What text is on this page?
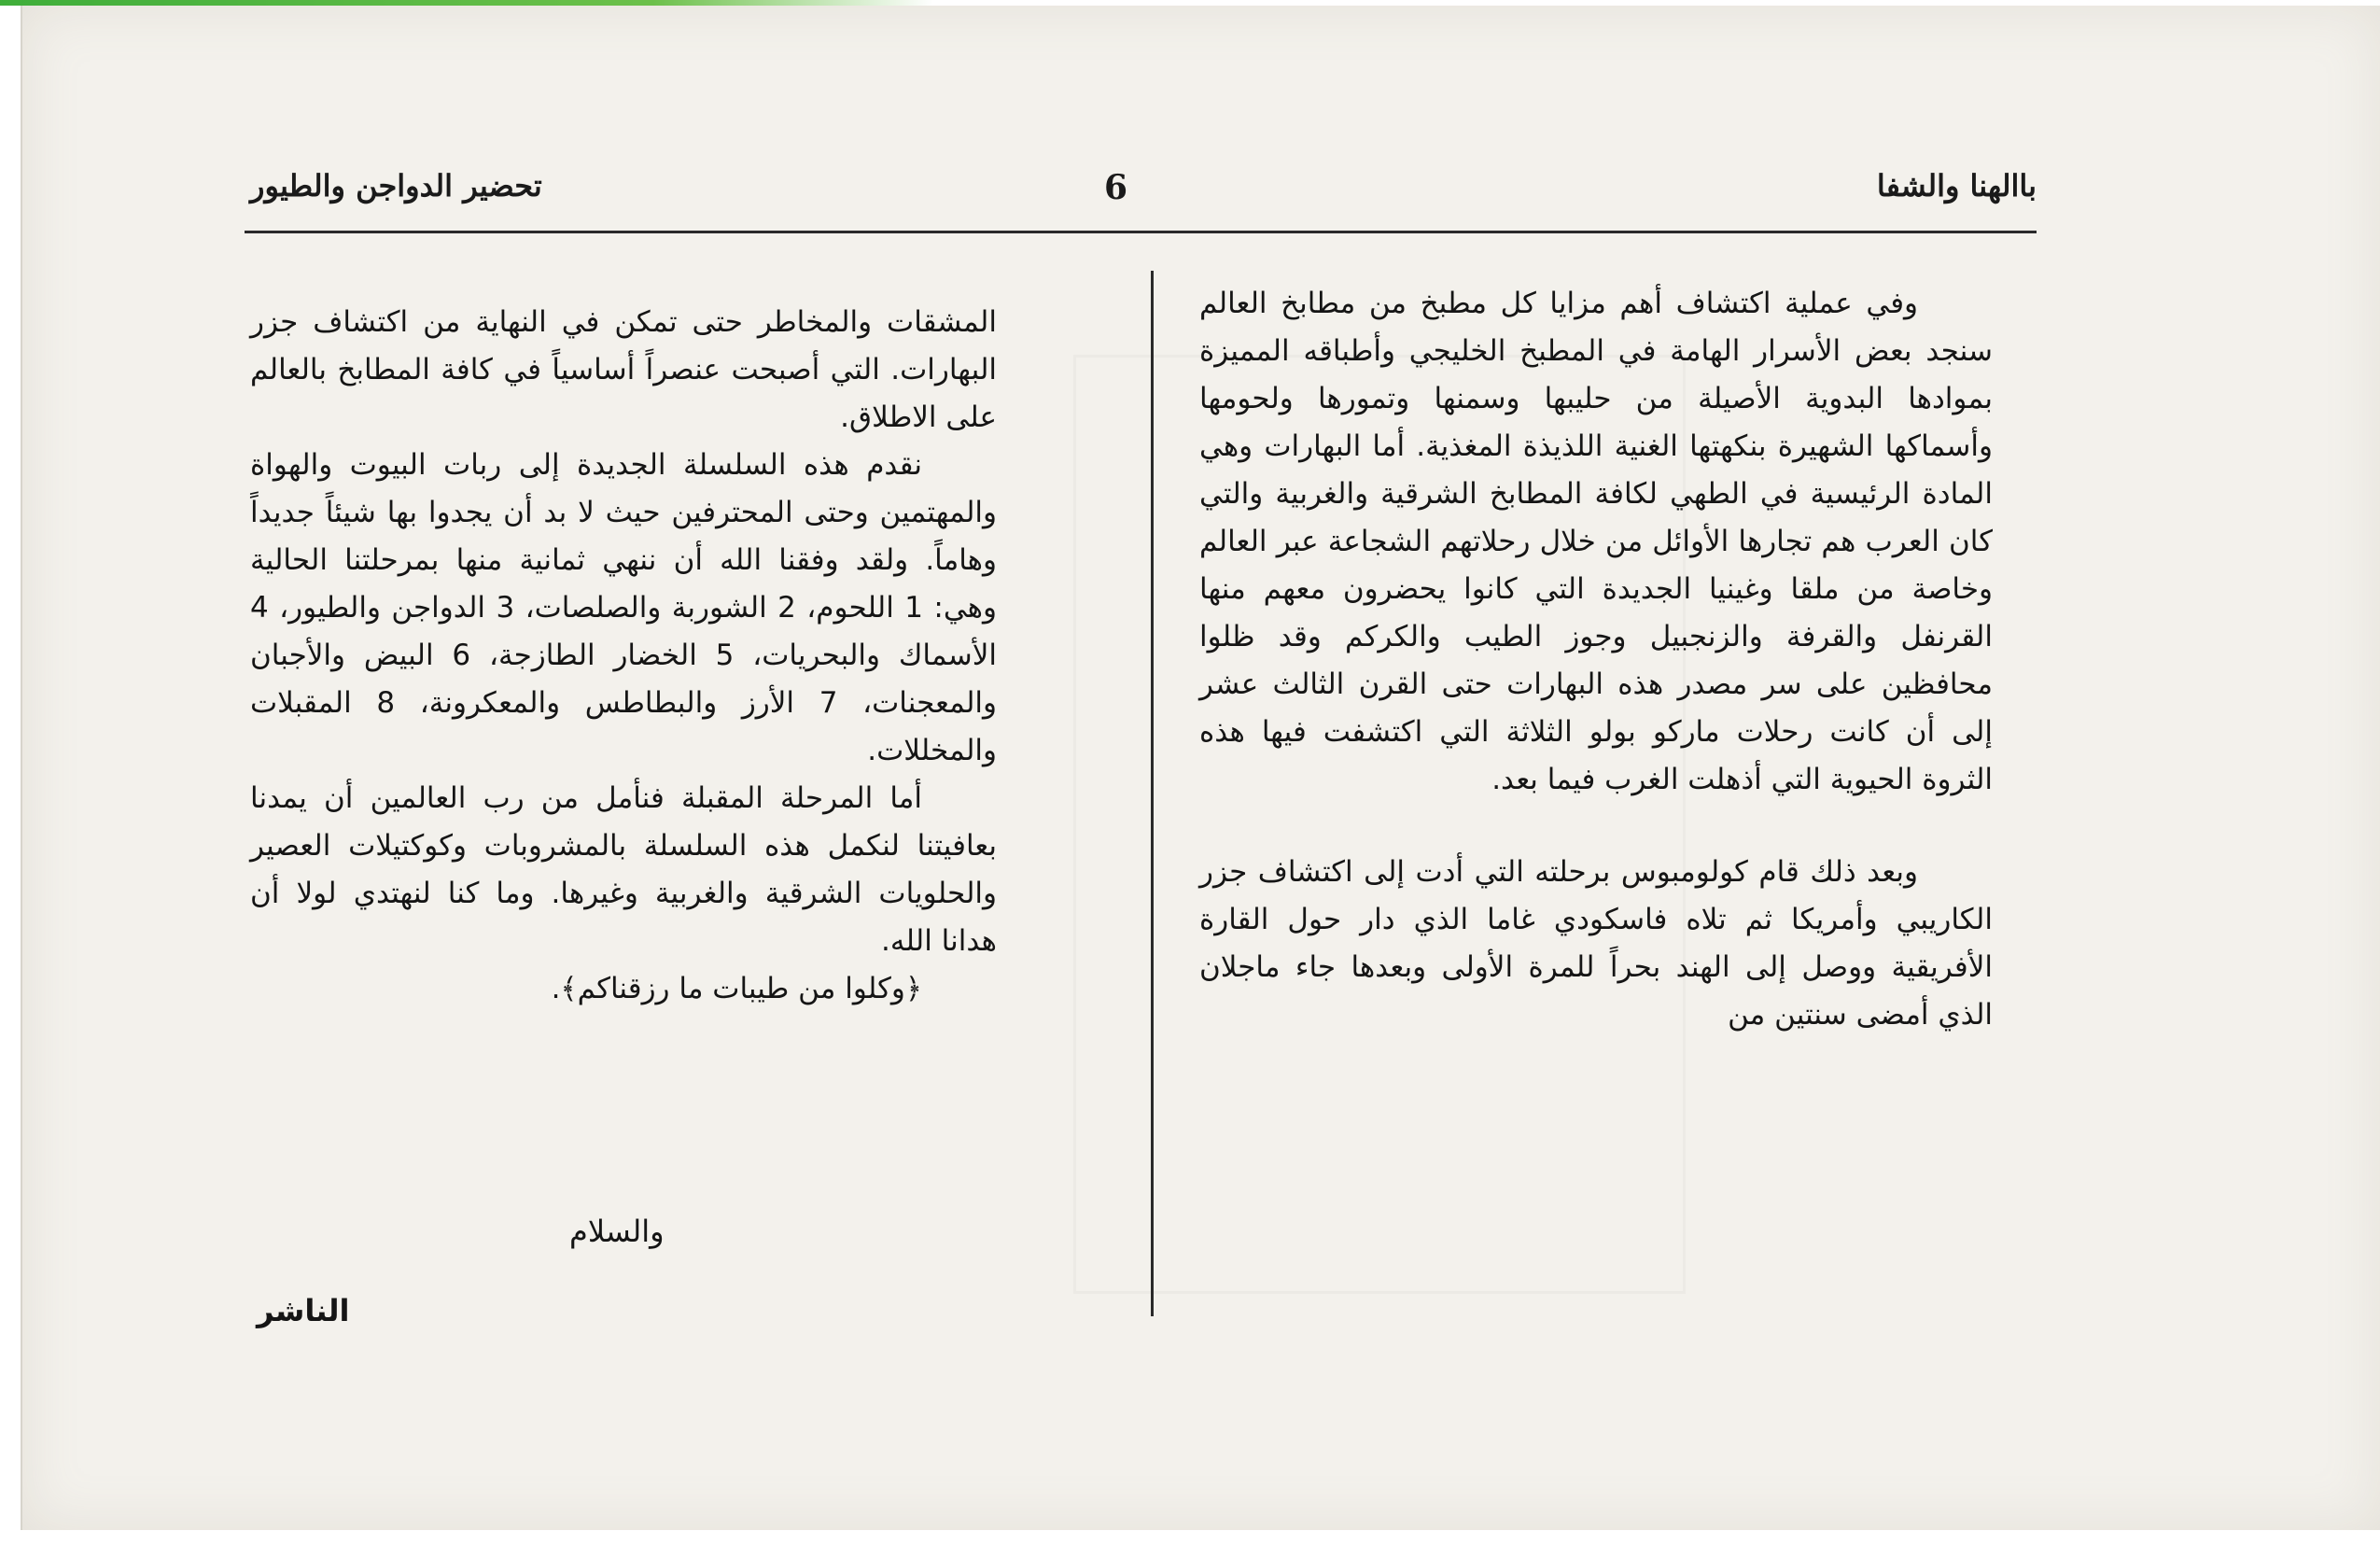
تحضير الدواجن والطيور	6	باالهنا والشفا

وفي عملية اكتشاف أهم مزايا كل مطبخ من مطابخ العالم سنجد بعض الأسرار الهامة في المطبخ الخليجي وأطباقه المميزة بموادها البدوية الأصيلة من حليبها وسمنها وتمورها ولحومها وأسماكها الشهيرة بنكهتها الغنية اللذيذة المغذية. أما البهارات وهي المادة الرئيسية في الطهي لكافة المطابخ الشرقية والغربية والتي كان العرب هم تجارها الأوائل من خلال رحلاتهم الشجاعة عبر العالم وخاصة من ملقا وغينيا الجديدة التي كانوا يحضرون معهم منها القرنفل والقرفة والزنجبيل وجوز الطيب والكركم وقد ظلوا محافظين على سر مصدر هذه البهارات حتى القرن الثالث عشر إلى أن كانت رحلات ماركو بولو الثلاثة التي اكتشفت فيها هذه الثروة الحيوية التي أذهلت الغرب فيما بعد.

وبعد ذلك قام كولومبوس برحلته التي أدت إلى اكتشاف جزر الكاريبي وأمريكا ثم تلاه فاسكودي غاما الذي دار حول القارة الأفريقية ووصل إلى الهند بحراً للمرة الأولى وبعدها جاء ماجلان الذي أمضى سنتين من

المشقات والمخاطر حتى تمكن في النهاية من اكتشاف جزر البهارات. التي أصبحت عنصراً أساسياً في كافة المطابخ بالعالم على الاطلاق.

نقدم هذه السلسلة الجديدة إلى ربات البيوت والهواة والمهتمين وحتى المحترفين حيث لا بد أن يجدوا بها شيئاً جديداً وهاماً. ولقد وفقنا الله أن ننهي ثمانية منها بمرحلتنا الحالية وهي: 1 اللحوم، 2 الشوربة والصلصات، 3 الدواجن والطيور، 4 الأسماك والبحريات، 5 الخضار الطازجة، 6 البيض والأجبان والمعجنات، 7 الأرز والبطاطس والمعكرونة، 8 المقبلات والمخللات.

أما المرحلة المقبلة فنأمل من رب العالمين أن يمدنا بعافيتنا لنكمل هذه السلسلة بالمشروبات وكوكتيلات العصير والحلويات الشرقية والغربية وغيرها. وما كنا لنهتدي لولا أن هدانا الله.

﴿وكلوا من طيبات ما رزقناكم﴾.

والسلام
الناشر
